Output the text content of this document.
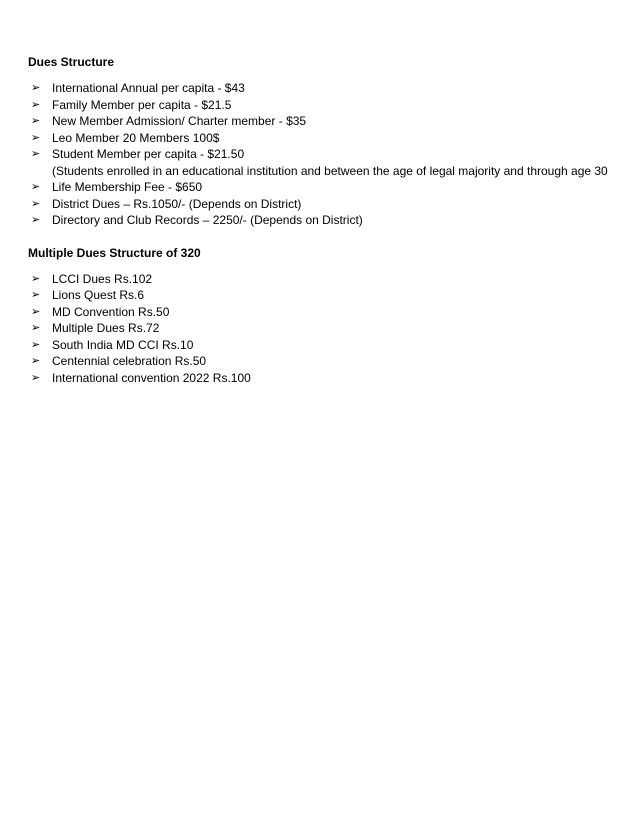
Dues Structure

➢ International Annual per capita - $43
➢ Family Member per capita - $21.5
➢ New Member Admission/ Charter member - $35
➢ Leo Member 20 Members 100$
➢ Student Member per capita - $21.50
(Students enrolled in an educational institution and between the age of legal majority and through age 30
➢ Life Membership Fee - $650
➢ District Dues – Rs.1050/- (Depends on District)
➢ Directory and Club Records – 2250/- (Depends on District)

Multiple Dues Structure of 320

➢ LCCI Dues Rs.102
➢ Lions Quest Rs.6
➢ MD Convention Rs.50
➢ Multiple Dues Rs.72
➢ South India MD CCI Rs.10
➢ Centennial celebration Rs.50
➢ International convention 2022 Rs.100
